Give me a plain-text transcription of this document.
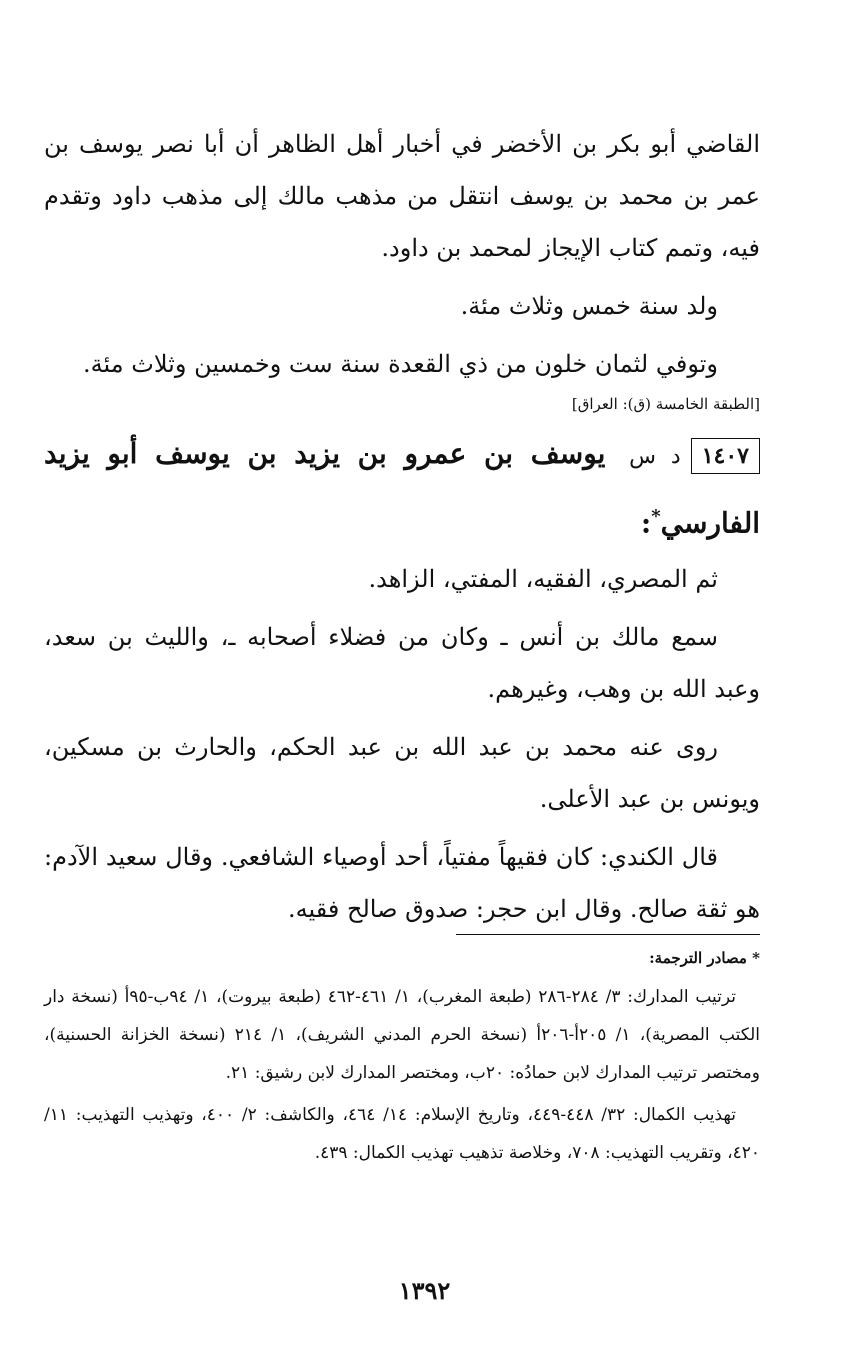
القاضي أبو بكر بن الأخضر في أخبار أهل الظاهر أن أبا نصر يوسف بن عمر بن محمد بن يوسف انتقل من مذهب مالك إلى مذهب داود وتقدم فيه، وتمم كتاب الإيجاز لمحمد بن داود.

ولد سنة خمس وثلاث مئة.

وتوفي لثمان خلون من ذي القعدة سنة ست وخمسين وثلاث مئة.

[الطبقة الخامسة (ق): العراق]

١٤٠٧د س يوسف بن عمرو بن يزيد بن يوسف أبو يزيد الفارسي*:

ثم المصري، الفقيه، المفتي، الزاهد.

سمع مالك بن أنس ـ وكان من فضلاء أصحابه ـ، والليث بن سعد، وعبد الله بن وهب، وغيرهم.

روى عنه محمد بن عبد الله بن عبد الحكم، والحارث بن مسكين، ويونس بن عبد الأعلى.

قال الكندي: كان فقيهاً مفتياً، أحد أوصياء الشافعي. وقال سعيد الآدم: هو ثقة صالح. وقال ابن حجر: صدوق صالح فقيه.

* مصادر الترجمة:

ترتيب المدارك: ٣/ ٢٨٤-٢٨٦ (طبعة المغرب)، ١/ ٤٦١-٤٦٢ (طبعة بيروت)، ١/ ٩٤ب-٩٥أ (نسخة دار الكتب المصرية)، ١/ ٢٠٥أ-٢٠٦أ (نسخة الحرم المدني الشريف)، ١/ ٢١٤ (نسخة الخزانة الحسنية)، ومختصر ترتيب المدارك لابن حمادُه: ٢٠ب، ومختصر المدارك لابن رشيق: ٢١.

تهذيب الكمال: ٣٢/ ٤٤٨-٤٤٩، وتاريخ الإسلام: ١٤/ ٤٦٤، والكاشف: ٢/ ٤٠٠، وتهذيب التهذيب: ١١/ ٤٢٠، وتقريب التهذيب: ٧٠٨، وخلاصة تذهيب تهذيب الكمال: ٤٣٩.

١٣٩٢
